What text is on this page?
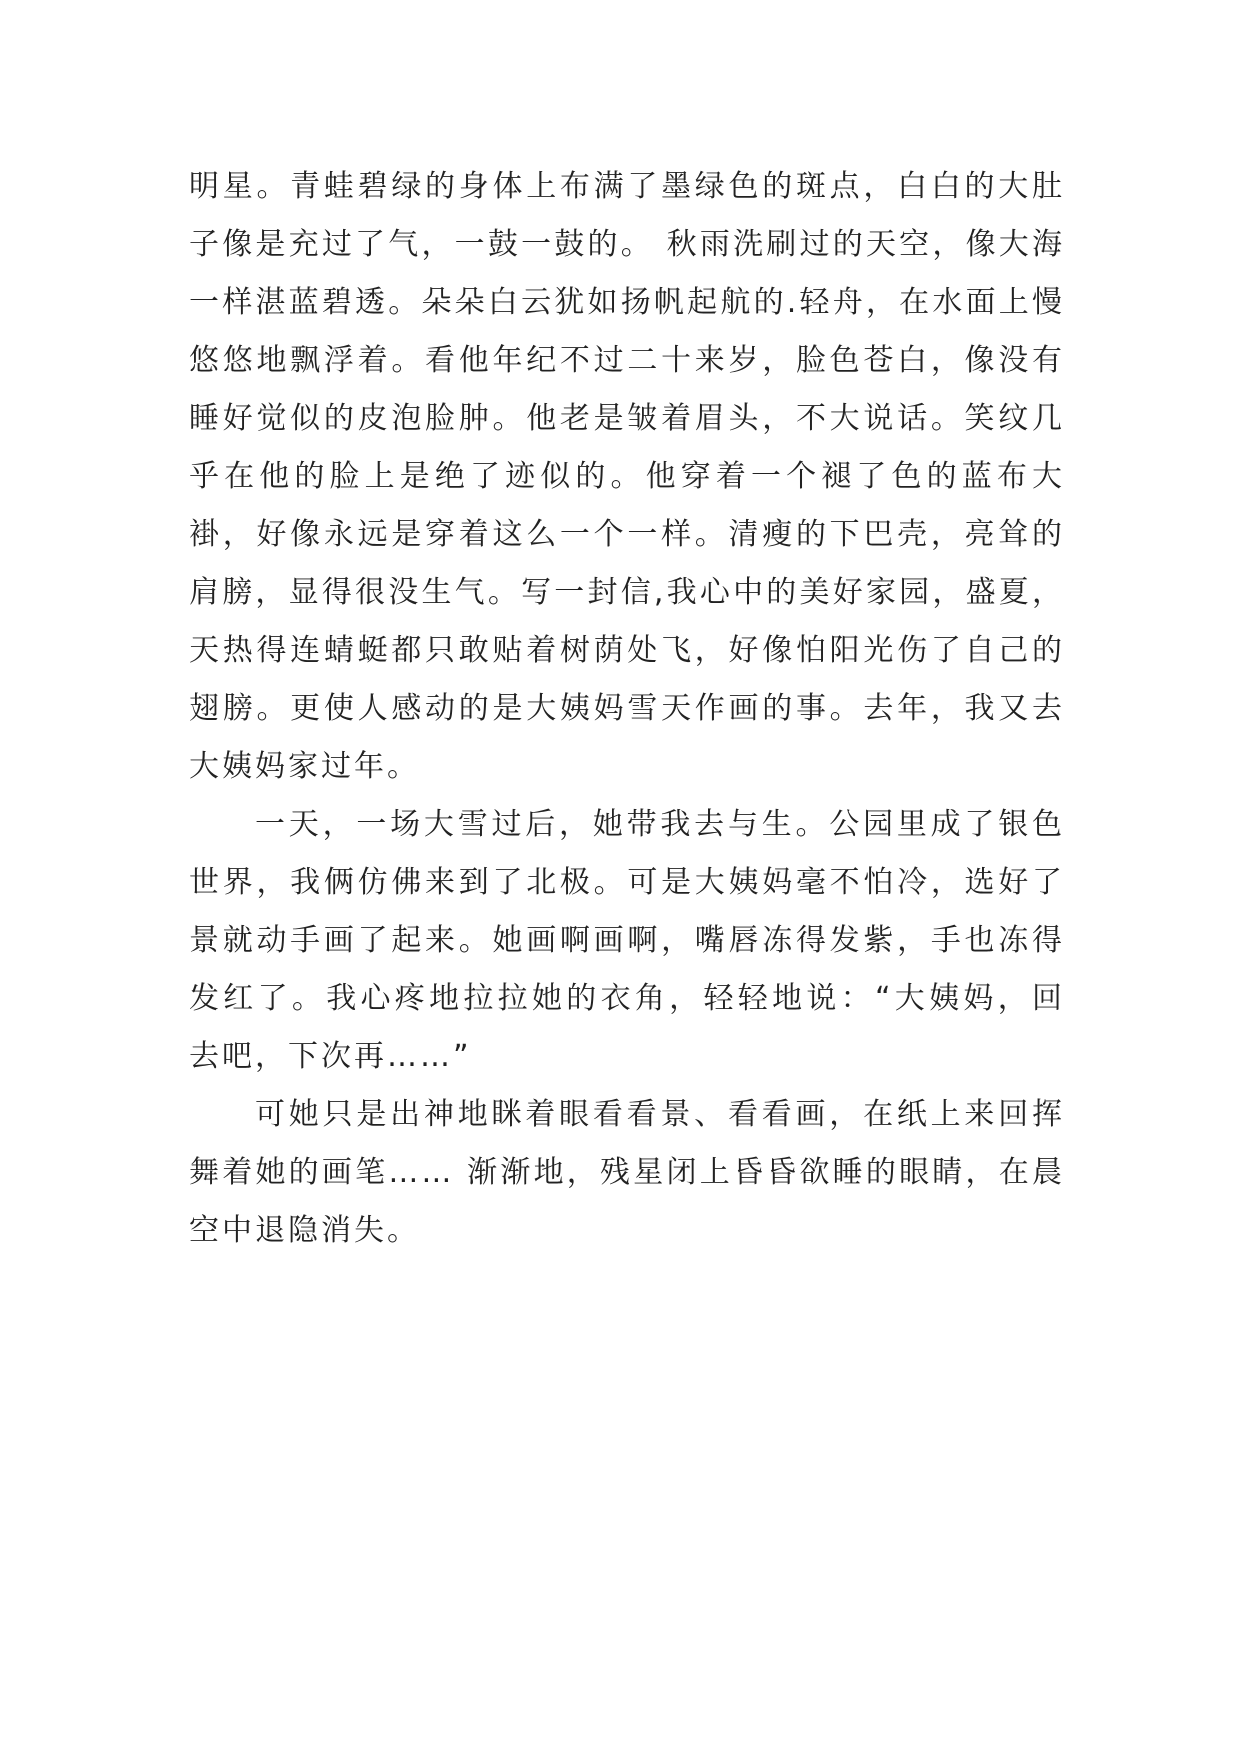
明星。青蛙碧绿的身体上布满了墨绿色的斑点，白白的大肚子像是充过了气，一鼓一鼓的。 秋雨洗刷过的天空，像大海一样湛蓝碧透。朵朵白云犹如扬帆起航的.轻舟，在水面上慢悠悠地飘浮着。看他年纪不过二十来岁，脸色苍白，像没有睡好觉似的皮泡脸肿。他老是皱着眉头，不大说话。笑纹几乎在他的脸上是绝了迹似的。他穿着一个褪了色的蓝布大褂，好像永远是穿着这么一个一样。清瘦的下巴壳，亮耸的肩膀，显得很没生气。写一封信,我心中的美好家园，盛夏，天热得连蜻蜓都只敢贴着树荫处飞，好像怕阳光伤了自己的翅膀。更使人感动的是大姨妈雪天作画的事。去年，我又去大姨妈家过年。

一天，一场大雪过后，她带我去与生。公园里成了银色世界，我俩仿佛来到了北极。可是大姨妈毫不怕冷，选好了景就动手画了起来。她画啊画啊，嘴唇冻得发紫，手也冻得发红了。我心疼地拉拉她的衣角，轻轻地说：“大姨妈，回去吧，下次再……”

可她只是出神地眯着眼看看景、看看画，在纸上来回挥舞着她的画笔…… 渐渐地，残星闭上昏昏欲睡的眼睛，在晨空中退隐消失。
